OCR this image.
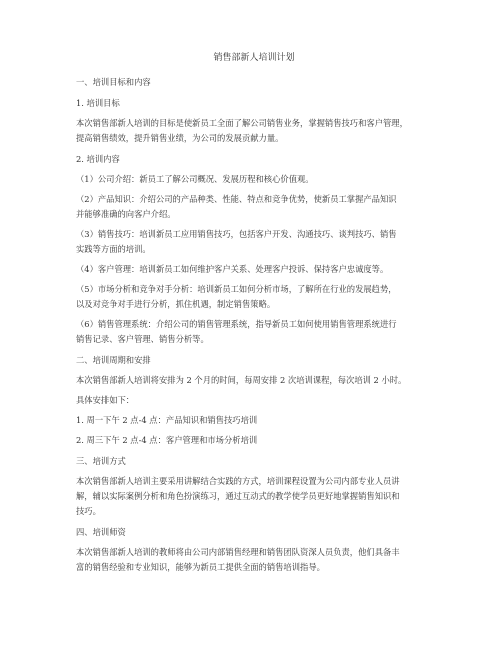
销售部新人培训计划

一、培训目标和内容

1. 培训目标

本次销售部新人培训的目标是使新员工全面了解公司销售业务，掌握销售技巧和客户管理，

提高销售绩效，提升销售业绩，为公司的发展贡献力量。

2. 培训内容

（1）公司介绍：新员工了解公司概况、发展历程和核心价值观。

（2）产品知识：介绍公司的产品种类、性能、特点和竞争优势，使新员工掌握产品知识

并能够准确的向客户介绍。

（3）销售技巧：培训新员工应用销售技巧，包括客户开发、沟通技巧、谈判技巧、销售

实践等方面的培训。

（4）客户管理：培训新员工如何维护客户关系、处理客户投诉、保持客户忠诚度等。

（5）市场分析和竞争对手分析：培训新员工如何分析市场，了解所在行业的发展趋势，

以及对竞争对手进行分析，抓住机遇，制定销售策略。

（6）销售管理系统：介绍公司的销售管理系统，指导新员工如何使用销售管理系统进行

销售记录、客户管理、销售分析等。

二、培训周期和安排

本次销售部新人培训将安排为 2 个月的时间，每周安排 2 次培训课程，每次培训 2 小时。

具体安排如下：

1. 周一下午 2 点-4 点：产品知识和销售技巧培训

2. 周三下午 2 点-4 点：客户管理和市场分析培训

三、培训方式

本次销售部新人培训主要采用讲解结合实践的方式，培训课程设置为公司内部专业人员讲

解，辅以实际案例分析和角色扮演练习，通过互动式的教学使学员更好地掌握销售知识和

技巧。

四、培训师资

本次销售部新人培训的教师将由公司内部销售经理和销售团队资深人员负责，他们具备丰

富的销售经验和专业知识，能够为新员工提供全面的销售培训指导。
